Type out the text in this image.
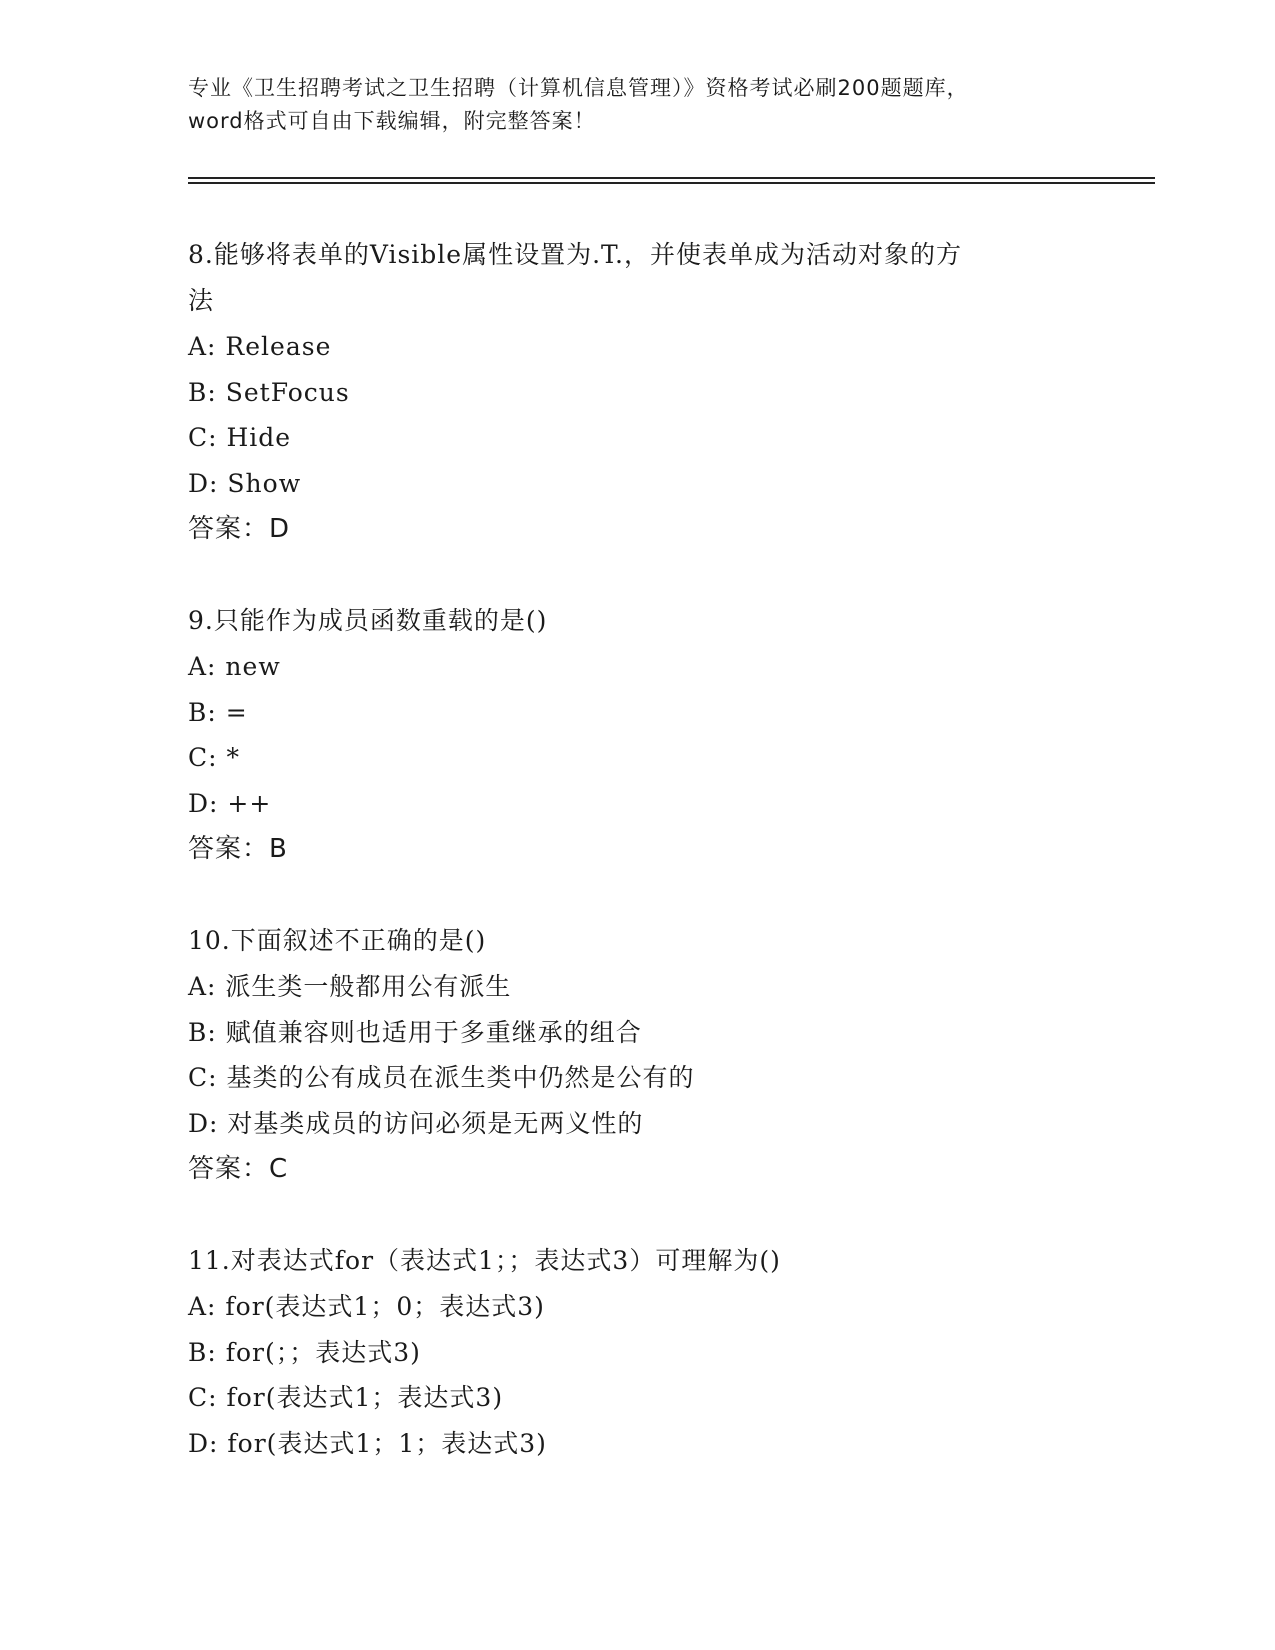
专业《卫生招聘考试之卫生招聘（计算机信息管理）》资格考试必刷200题题库，
word格式可自由下载编辑，附完整答案！
8.能够将表单的Visible属性设置为.T.，并使表单成为活动对象的方
法
A: Release
B: SetFocus
C: Hide
D: Show
答案：D
9.只能作为成员函数重载的是()
A: new
B: =
C: *
D: ++
答案：B
10.下面叙述不正确的是()
A: 派生类一般都用公有派生
B: 赋值兼容则也适用于多重继承的组合
C: 基类的公有成员在派生类中仍然是公有的
D: 对基类成员的访问必须是无两义性的
答案：C
11.对表达式for（表达式1；；表达式3）可理解为()
A: for(表达式1；0；表达式3)
B: for(；；表达式3)
C: for(表达式1；表达式3)
D: for(表达式1；1；表达式3)
